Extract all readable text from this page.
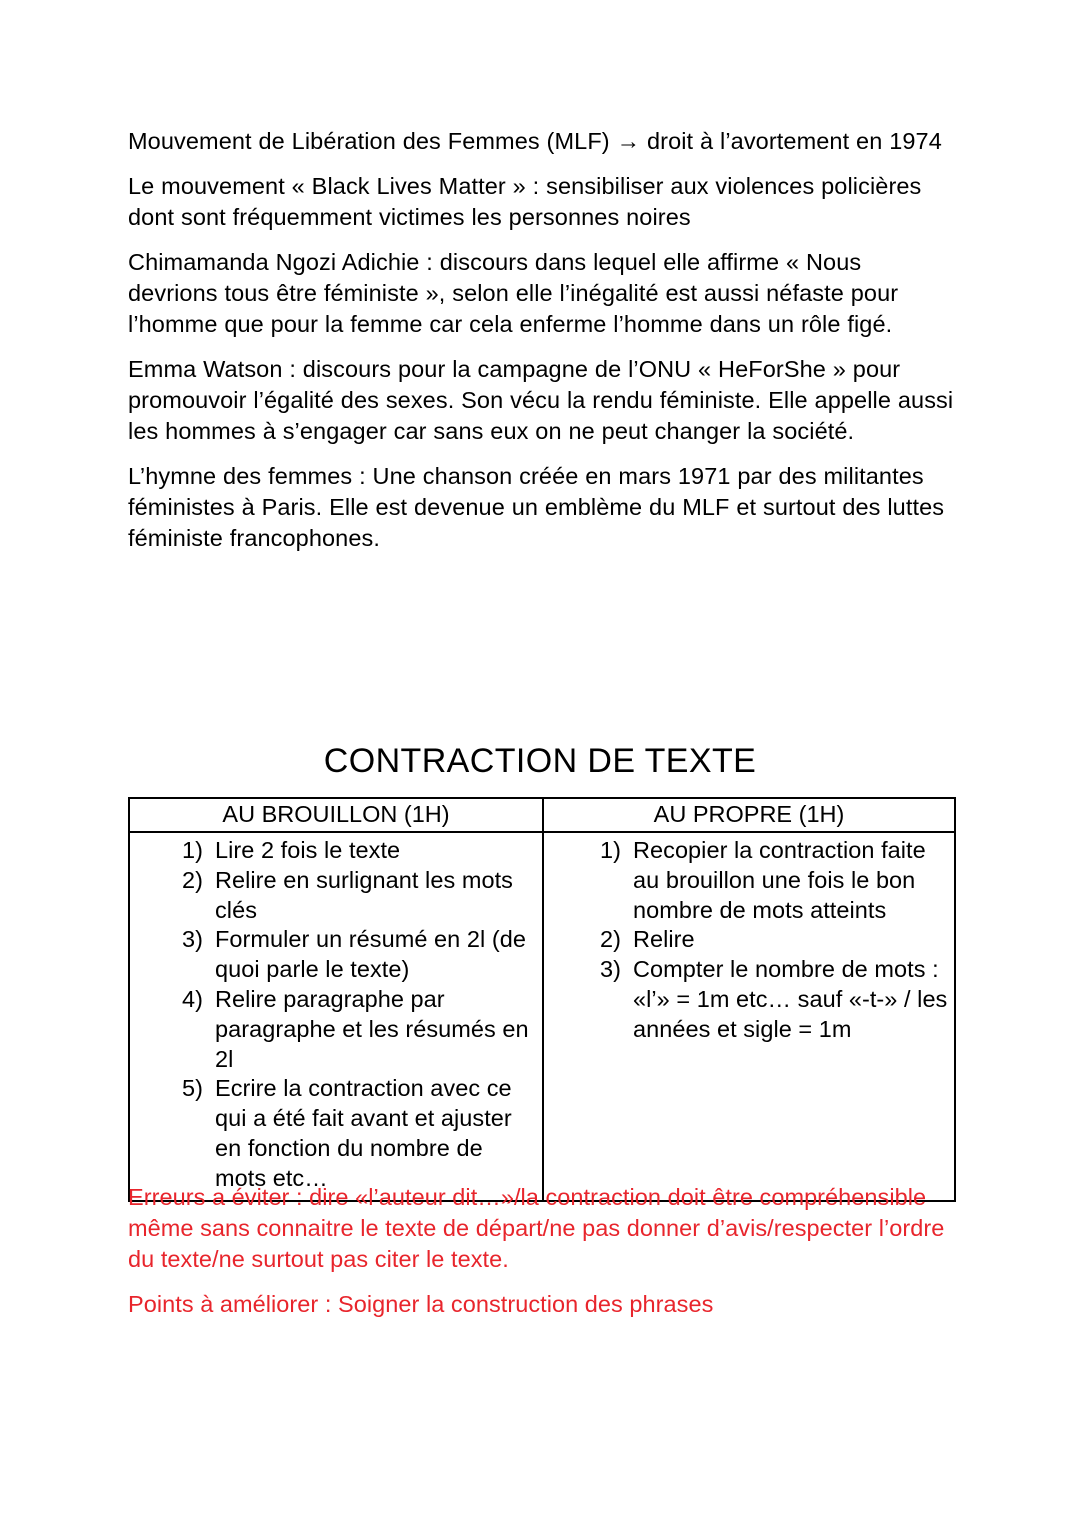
Mouvement de Libération des Femmes (MLF) → droit à l’avortement en 1974

Le mouvement « Black Lives Matter » : sensibiliser aux violences policières dont sont fréquemment victimes les personnes noires

Chimamanda Ngozi Adichie : discours dans lequel elle affirme « Nous devrions tous être féministe », selon elle l’inégalité est aussi néfaste pour l’homme que pour la femme car cela enferme l’homme dans un rôle figé.

Emma Watson : discours pour la campagne de l’ONU « HeForShe » pour promouvoir l’égalité des sexes. Son vécu la rendu féministe. Elle appelle aussi les hommes à s’engager car sans eux on ne peut changer la société.

L’hymne des femmes : Une chanson créée en mars 1971 par des militantes féministes à Paris. Elle est devenue un emblème du MLF et surtout des luttes féministe francophones.

CONTRACTION DE TEXTE
AU BROUILLON (1H)	AU PROPRE (1H)

Lire 2 fois le texte
Relire en surlignant les mots clés
Formuler un résumé en 2l (de quoi parle le texte)
Relire paragraphe par paragraphe et les résumés en 2l
Ecrire la contraction avec ce qui a été fait avant et ajuster en fonction du nombre de mots etc…

Recopier la contraction faite au brouillon une fois le bon nombre de mots atteints
Relire
Compter le nombre de mots : «l’» = 1m etc… sauf «-t-» / les années et sigle = 1m

Erreurs a éviter : dire «l’auteur dit…»/la contraction doit être compréhensible même sans connaitre le texte de départ/ne pas donner d’avis/respecter l’ordre du texte/ne surtout pas citer le texte.

Points à améliorer : Soigner la construction des phrases
